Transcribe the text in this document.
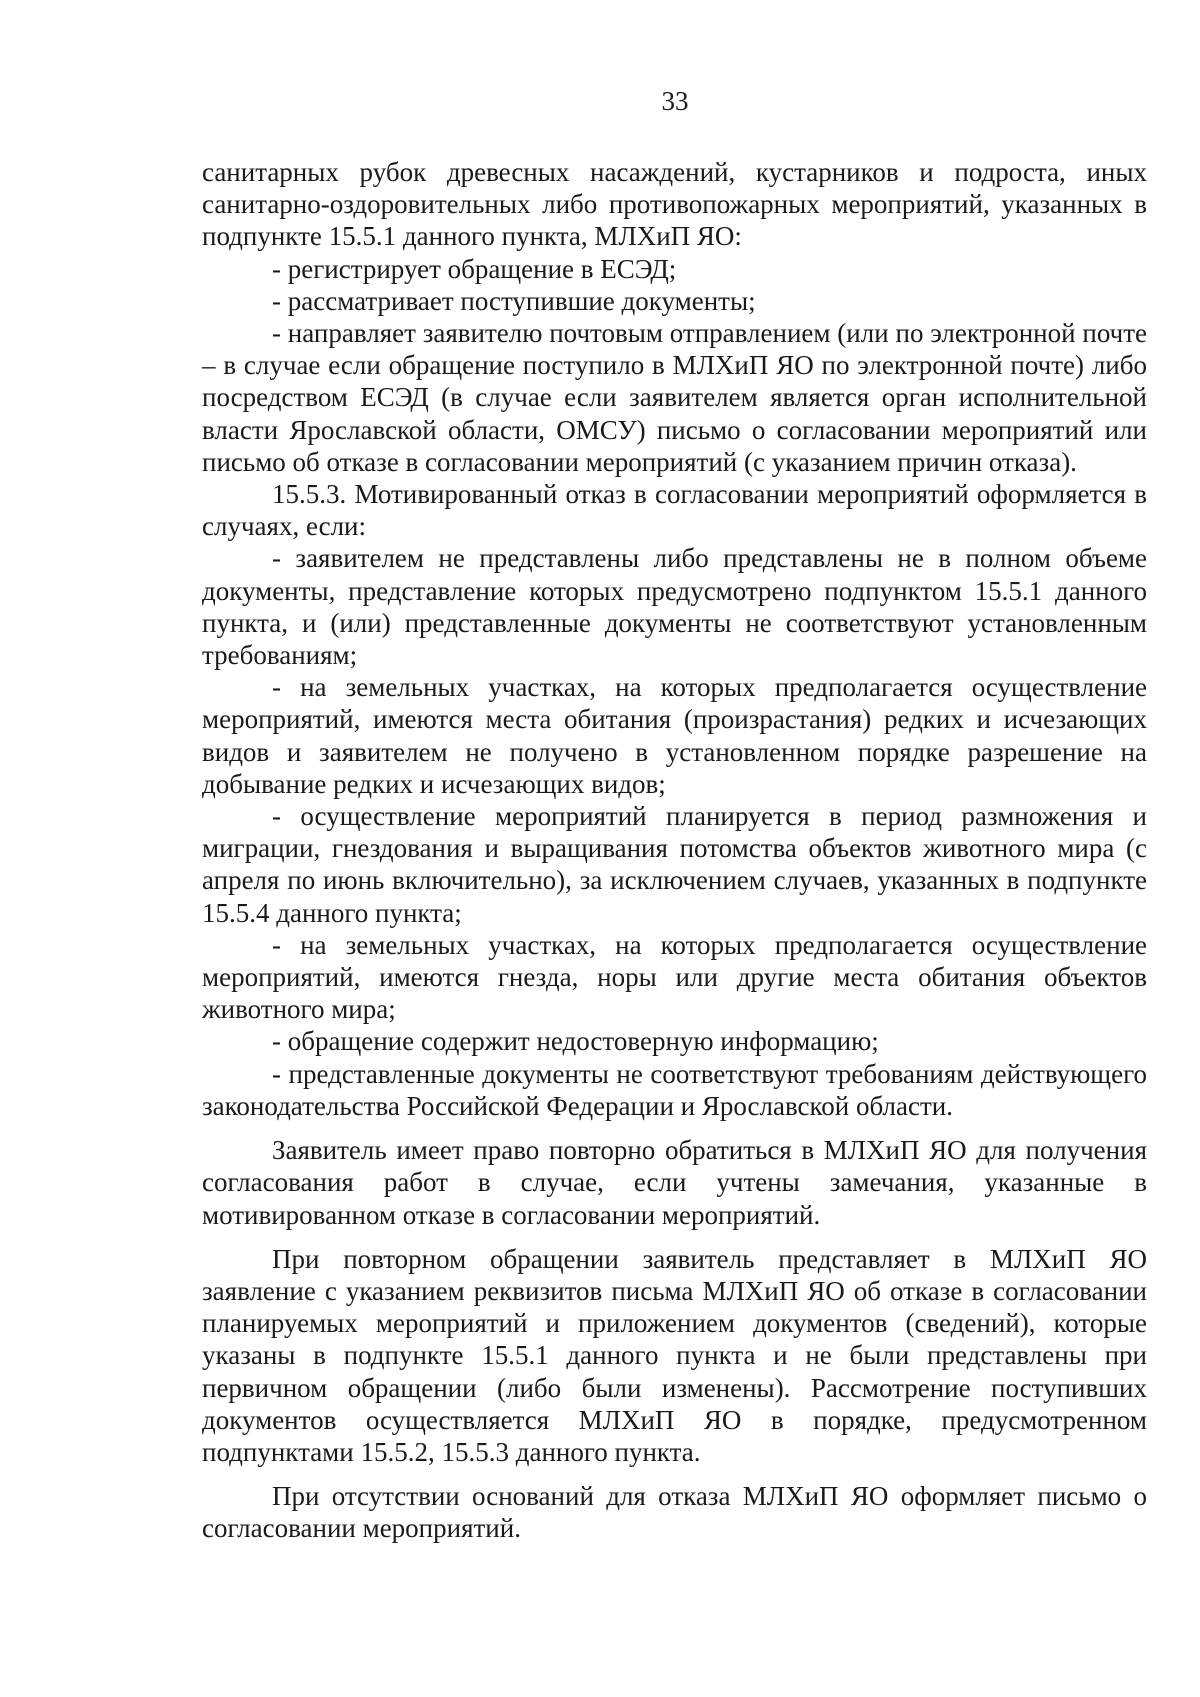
33

санитарных рубок древесных насаждений, кустарников и подроста, иных санитарно-оздоровительных либо противопожарных мероприятий, указанных в подпункте 15.5.1 данного пункта, МЛХиП ЯО:

- регистрирует обращение в ЕСЭД;

- рассматривает поступившие документы;

- направляет заявителю почтовым отправлением (или по электронной почте – в случае если обращение поступило в МЛХиП ЯО по электронной почте) либо посредством ЕСЭД (в случае если заявителем является орган исполнительной власти Ярославской области, ОМСУ) письмо о согласовании мероприятий или письмо об отказе в согласовании мероприятий (с указанием причин отказа).

15.5.3. Мотивированный отказ в согласовании мероприятий оформляется в случаях, если:

- заявителем не представлены либо представлены не в полном объеме документы, представление которых предусмотрено подпунктом 15.5.1 данного пункта, и (или) представленные документы не соответствуют установленным требованиям;

- на земельных участках, на которых предполагается осуществление мероприятий, имеются места обитания (произрастания) редких и исчезающих видов и заявителем не получено в установленном порядке разрешение на добывание редких и исчезающих видов;

- осуществление мероприятий планируется в период размножения и миграции, гнездования и выращивания потомства объектов животного мира (с апреля по июнь включительно), за исключением случаев, указанных в подпункте 15.5.4 данного пункта;

- на земельных участках, на которых предполагается осуществление мероприятий, имеются гнезда, норы или другие места обитания объектов животного мира;

- обращение содержит недостоверную информацию;

- представленные документы не соответствуют требованиям действующего законодательства Российской Федерации и Ярославской области.

Заявитель имеет право повторно обратиться в МЛХиП ЯО для получения согласования работ в случае, если учтены замечания, указанные в мотивированном отказе в согласовании мероприятий.

При повторном обращении заявитель представляет в МЛХиП ЯО заявление с указанием реквизитов письма МЛХиП ЯО об отказе в согласовании планируемых мероприятий и приложением документов (сведений), которые указаны в подпункте 15.5.1 данного пункта и не были представлены при первичном обращении (либо были изменены). Рассмотрение поступивших документов осуществляется МЛХиП ЯО в порядке, предусмотренном подпунктами 15.5.2, 15.5.3 данного пункта.

При отсутствии оснований для отказа МЛХиП ЯО оформляет письмо о согласовании мероприятий.
